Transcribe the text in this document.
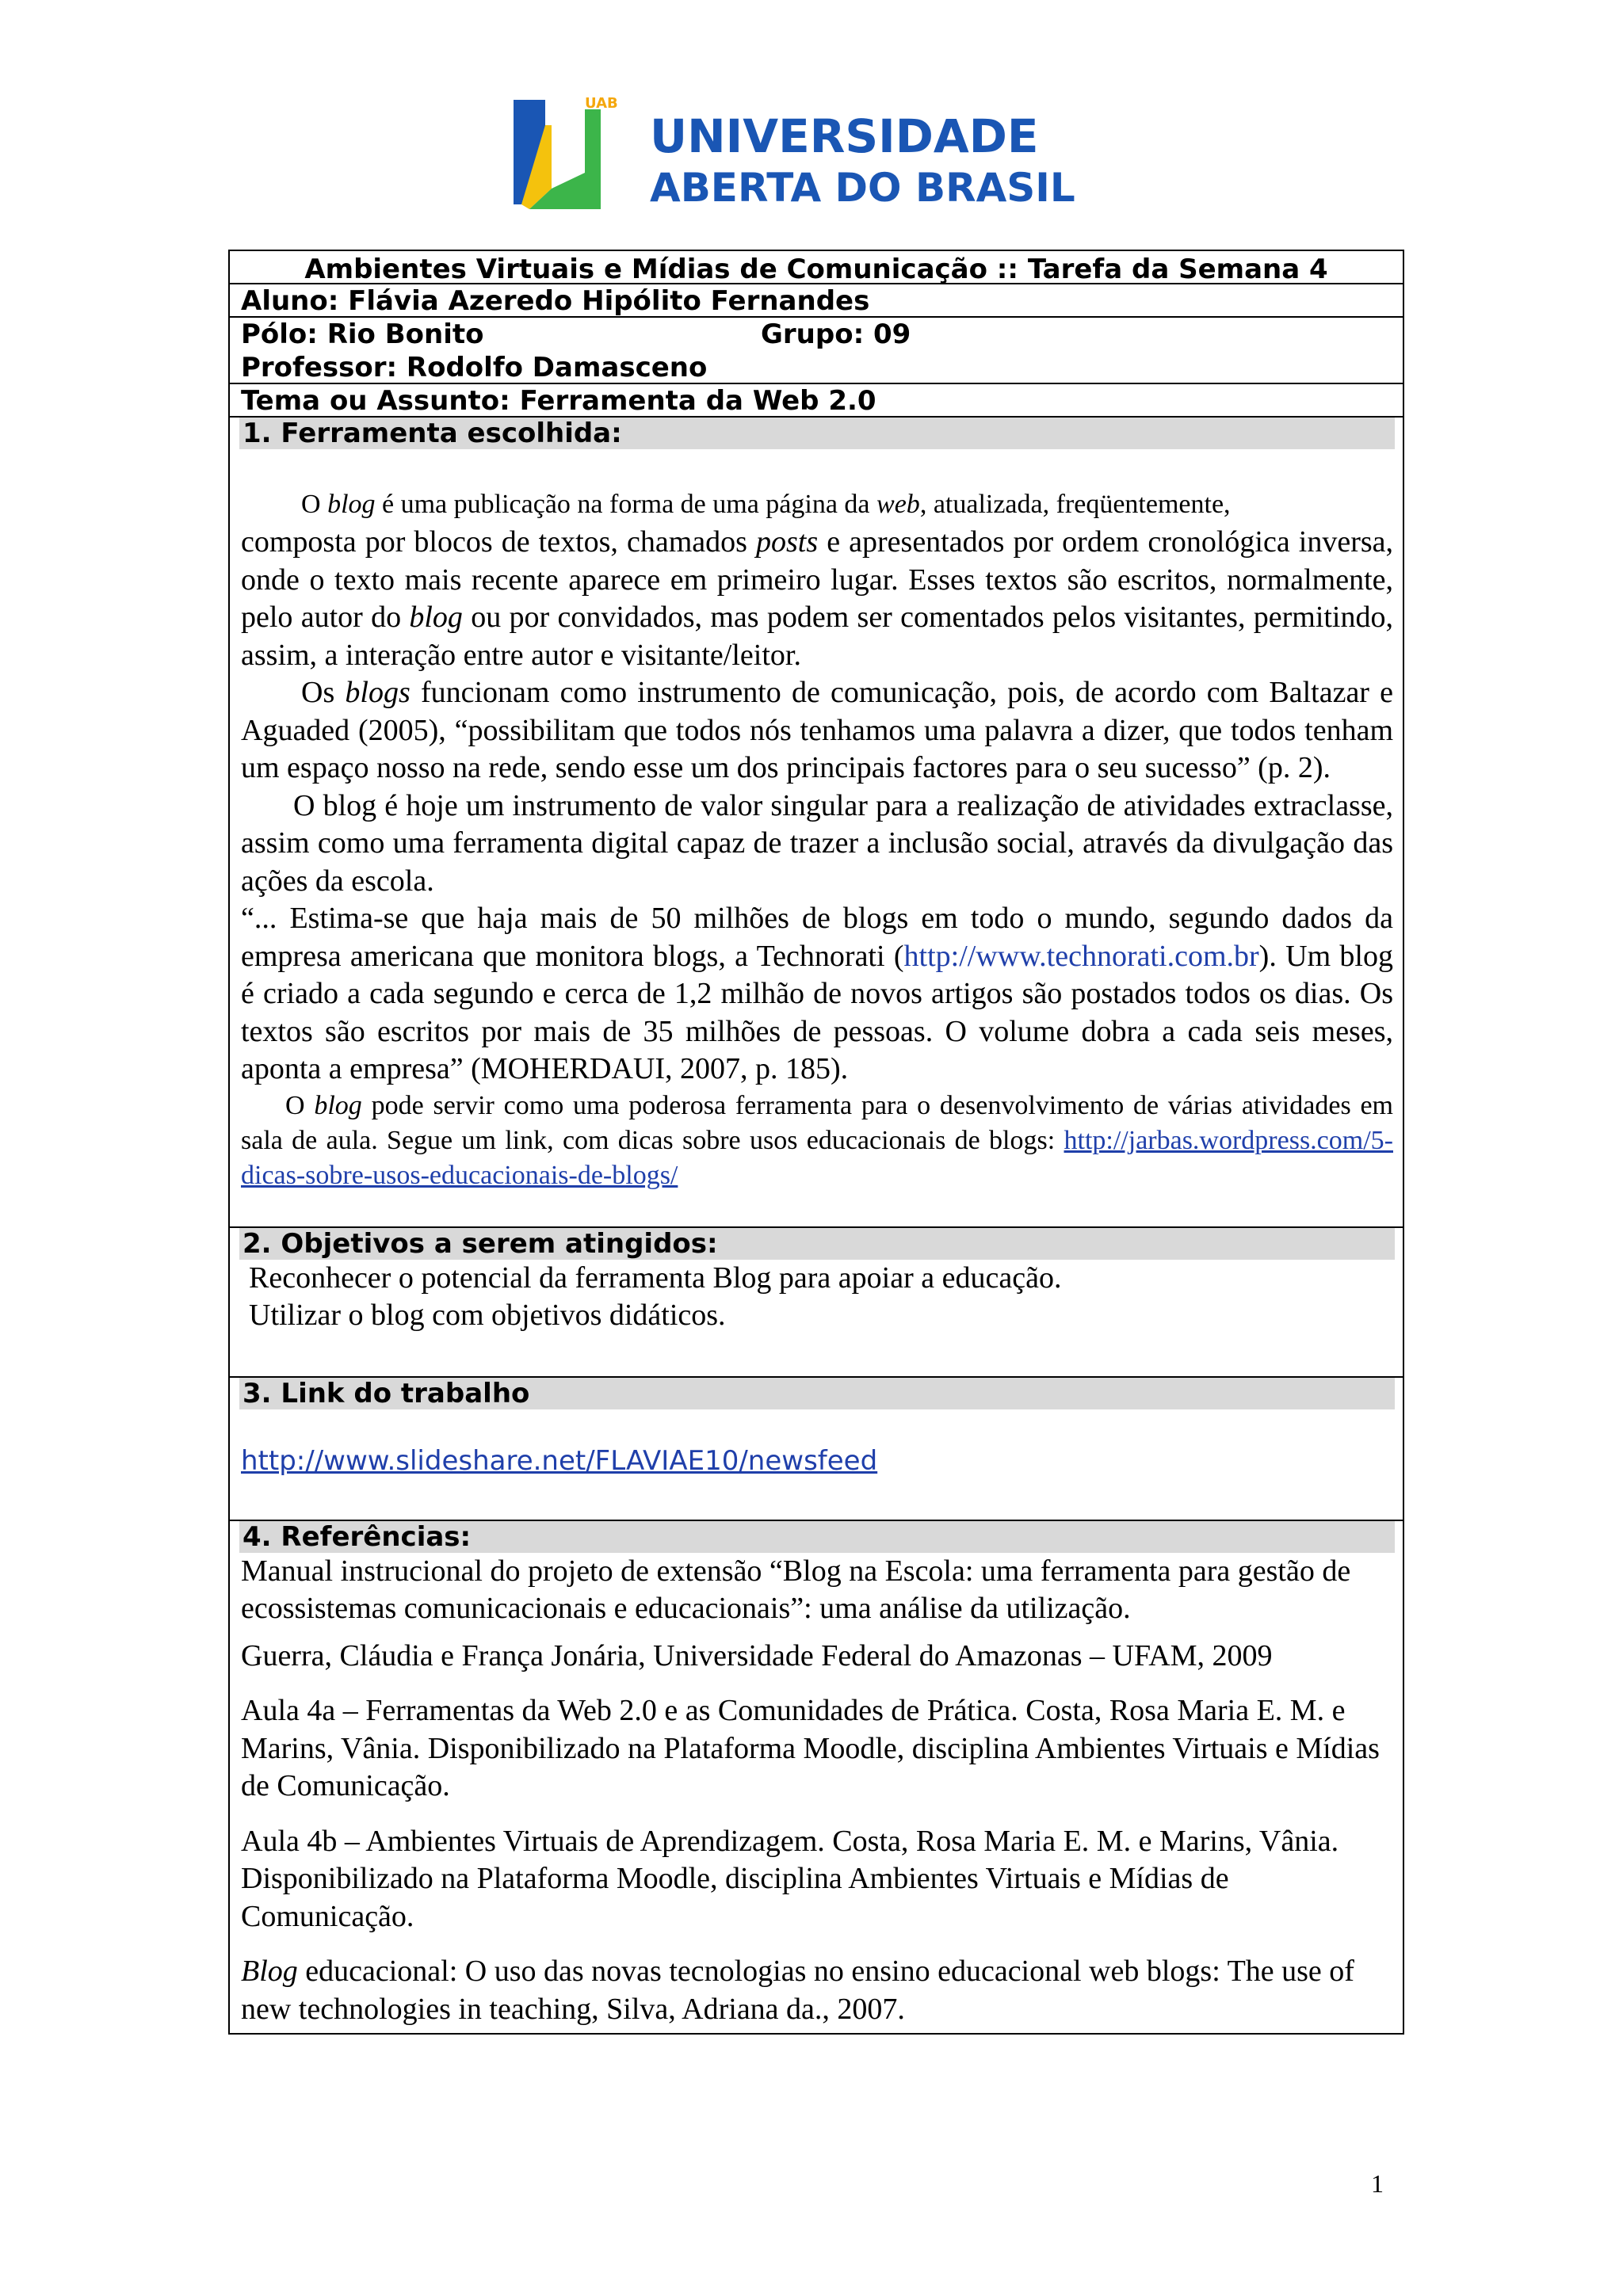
UAB
UNIVERSIDADE
ABERTA DO BRASIL
Ambientes Virtuais e Mídias de Comunicação :: Tarefa da Semana 4
Aluno: Flávia Azeredo Hipólito Fernandes
Pólo: Rio Bonito	Grupo: 09
Professor: Rodolfo Damasceno
Tema ou Assunto: Ferramenta da Web 2.0
1. Ferramenta escolhida:

O blog é uma publicação na forma de uma página da web, atualizada, freqüentemente,

composta por blocos de textos, chamados posts e apresentados por ordem cronológica inversa, onde o texto mais recente aparece em primeiro lugar. Esses textos são escritos, normalmente, pelo autor do blog ou por convidados, mas podem ser comentados pelos visitantes, permitindo, assim, a interação entre autor e visitante/leitor.

Os blogs funcionam como instrumento de comunicação, pois, de acordo com Baltazar e Aguaded (2005), “possibilitam que todos nós tenhamos uma palavra a dizer, que todos tenham um espaço nosso na rede, sendo esse um dos principais factores para o seu sucesso” (p. 2).

O blog é hoje um instrumento de valor singular para a realização de atividades extraclasse, assim como uma ferramenta digital capaz de trazer a inclusão social, através da divulgação das ações da escola.

“... Estima-se que haja mais de 50 milhões de blogs em todo o mundo, segundo dados da empresa americana que monitora blogs, a Technorati (http://www.technorati.com.br). Um blog é criado a cada segundo e cerca de 1,2 milhão de novos artigos são postados todos os dias. Os textos são escritos por mais de 35 milhões de pessoas. O volume dobra a cada seis meses, aponta a empresa” (MOHERDAUI, 2007, p. 185).

O blog pode servir como uma poderosa ferramenta para o desenvolvimento de várias atividades em sala de aula. Segue um link, com dicas sobre usos educacionais de blogs: http://jarbas.wordpress.com/5-dicas-sobre-usos-educacionais-de-blogs/

2. Objetivos a serem atingidos:

Reconhecer o potencial da ferramenta Blog para apoiar a educação.

Utilizar o blog com objetivos didáticos.

3. Link do trabalho
http://www.slideshare.net/FLAVIAE10/newsfeed
4. Referências:

Manual instrucional do projeto de extensão “Blog na Escola: uma ferramenta para gestão de ecossistemas comunicacionais e educacionais”: uma análise da utilização.

Guerra, Cláudia e França Jonária, Universidade Federal do Amazonas – UFAM, 2009

Aula 4a – Ferramentas da Web 2.0 e as Comunidades de Prática. Costa, Rosa Maria E. M. e Marins, Vânia. Disponibilizado na Plataforma Moodle, disciplina Ambientes Virtuais e Mídias de Comunicação.

Aula 4b – Ambientes Virtuais de Aprendizagem. Costa, Rosa Maria E. M. e Marins, Vânia. Disponibilizado na Plataforma Moodle, disciplina Ambientes Virtuais e Mídias de Comunicação.

Blog educacional: O uso das novas tecnologias no ensino educacional web blogs: The use of new technologies in teaching, Silva, Adriana da., 2007.

1
